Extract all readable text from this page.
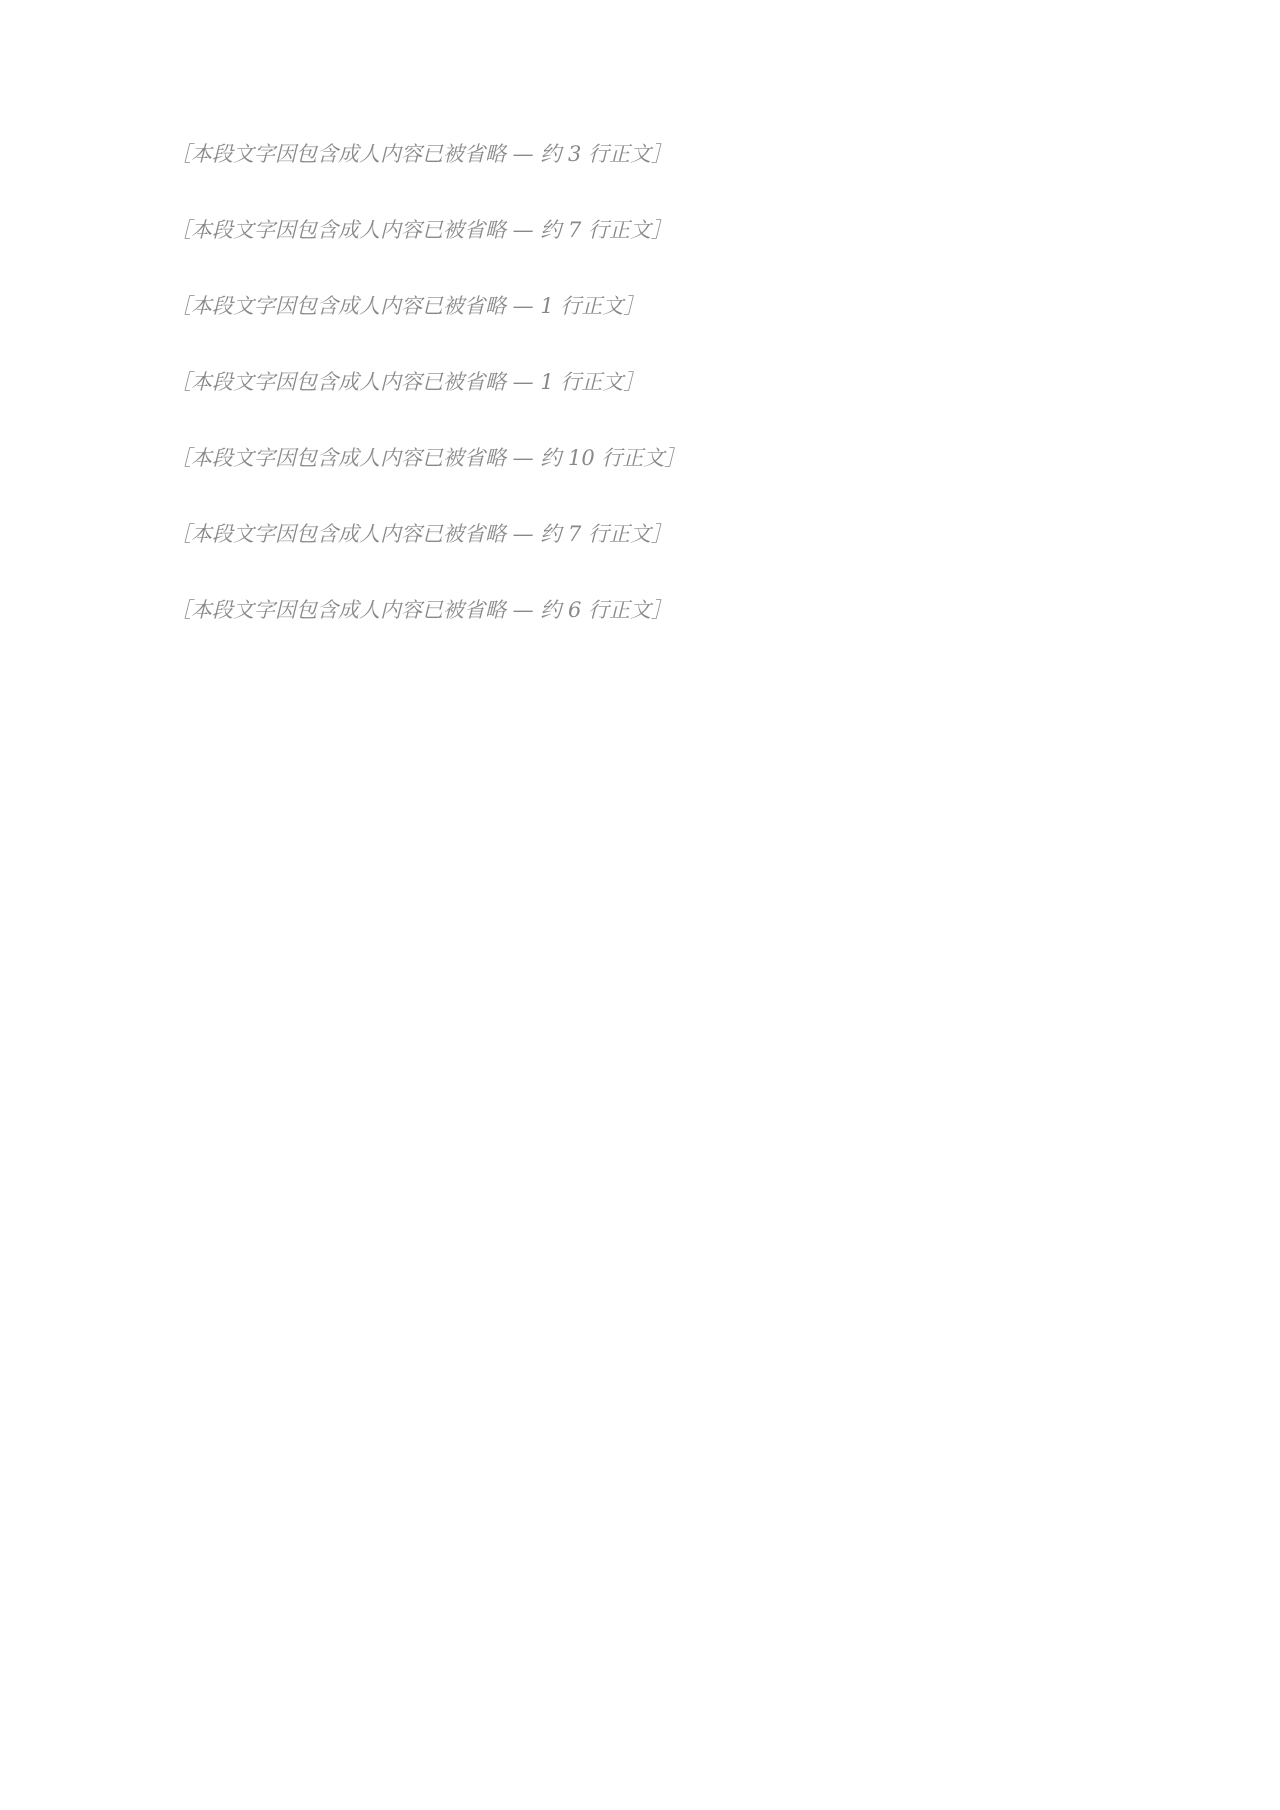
［本段文字因包含成人内容已被省略 — 约 3 行正文］

［本段文字因包含成人内容已被省略 — 约 7 行正文］

［本段文字因包含成人内容已被省略 — 1 行正文］

［本段文字因包含成人内容已被省略 — 1 行正文］

［本段文字因包含成人内容已被省略 — 约 10 行正文］

［本段文字因包含成人内容已被省略 — 约 7 行正文］

［本段文字因包含成人内容已被省略 — 约 6 行正文］
